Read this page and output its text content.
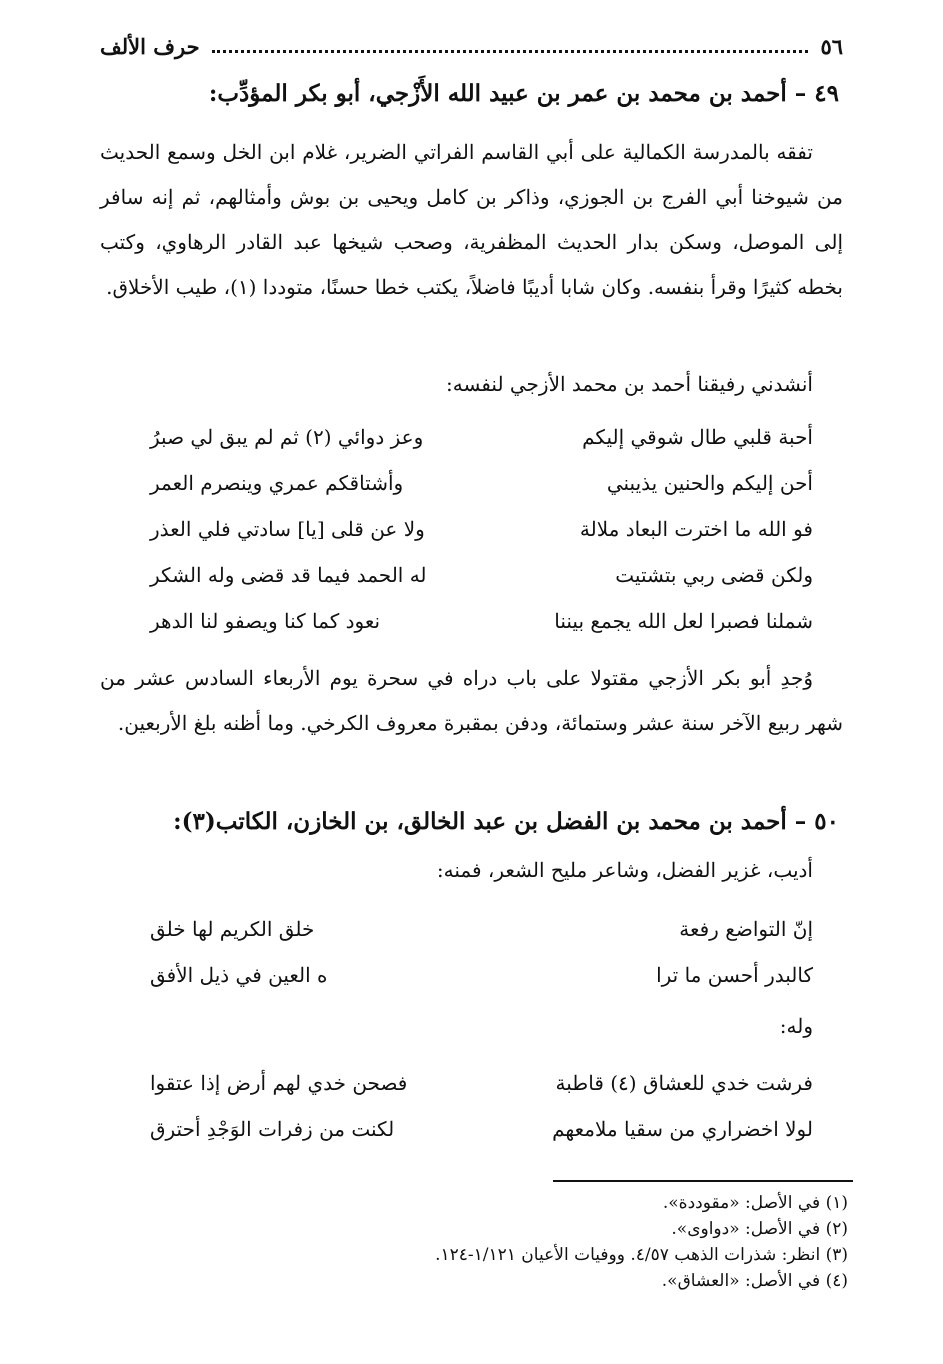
٥٦
حرف الألف
٤٩ – أحمد بن محمد بن عمر بن عبيد الله الأَزْجي، أبو بكر المؤدِّب:

تفقه بالمدرسة الكمالية على أبي القاسم الفراتي الضرير، غلام ابن الخل وسمع الحديث من شيوخنا أبي الفرج بن الجوزي، وذاكر بن كامل ويحيى بن بوش وأمثالهم، ثم إنه سافر إلى الموصل، وسكن بدار الحديث المظفرية، وصحب شيخها عبد القادر الرهاوي، وكتب بخطه كثيرًا وقرأ بنفسه. وكان شابا أديبًا فاضلاً، يكتب خطا حسنًا، متوددا (١)، طيب الأخلاق.

أنشدني رفيقنا أحمد بن محمد الأزجي لنفسه:
أحبة قلبي طال شوقي إليكم
وعز دوائي (٢) ثم لم يبق لي صبرُ
أحن إليكم والحنين يذيبني
وأشتاقكم عمري وينصرم العمر
فو الله ما اخترت البعاد ملالة
ولا عن قلى [يا] سادتي فلي العذر
ولكن قضى ربي بتشتيت
له الحمد فيما قد قضى وله الشكر
شملنا فصبرا لعل الله يجمع بيننا
نعود كما كنا ويصفو لنا الدهر

وُجدِ أبو بكر الأزجي مقتولا على باب دراه في سحرة يوم الأربعاء السادس عشر من شهر ربيع الآخر سنة عشر وستمائة، ودفن بمقبرة معروف الكرخي. وما أظنه بلغ الأربعين.

٥٠ – أحمد بن محمد بن الفضل بن عبد الخالق، بن الخازن، الكاتب(٣):
أديب، غزير الفضل، وشاعر مليح الشعر، فمنه:
إنّ التواضع رفعة
خلق الكريم لها خلق
كالبدر أحسن ما ترا
ه العين في ذيل الأفق
وله:
فرشت خدي للعشاق (٤) قاطبة
فصحن خدي لهم أرض إذا عتقوا
لولا اخضراري من سقيا ملامعهم
لكنت من زفرات الوَجْدِ أحترق
(١) في الأصل: «مقوددة».
(٢) في الأصل: «دواوى».
(٣) انظر: شذرات الذهب ٤/٥٧. ووفيات الأعيان ١/١٢١-١٢٤.
(٤) في الأصل: «العشاق».
